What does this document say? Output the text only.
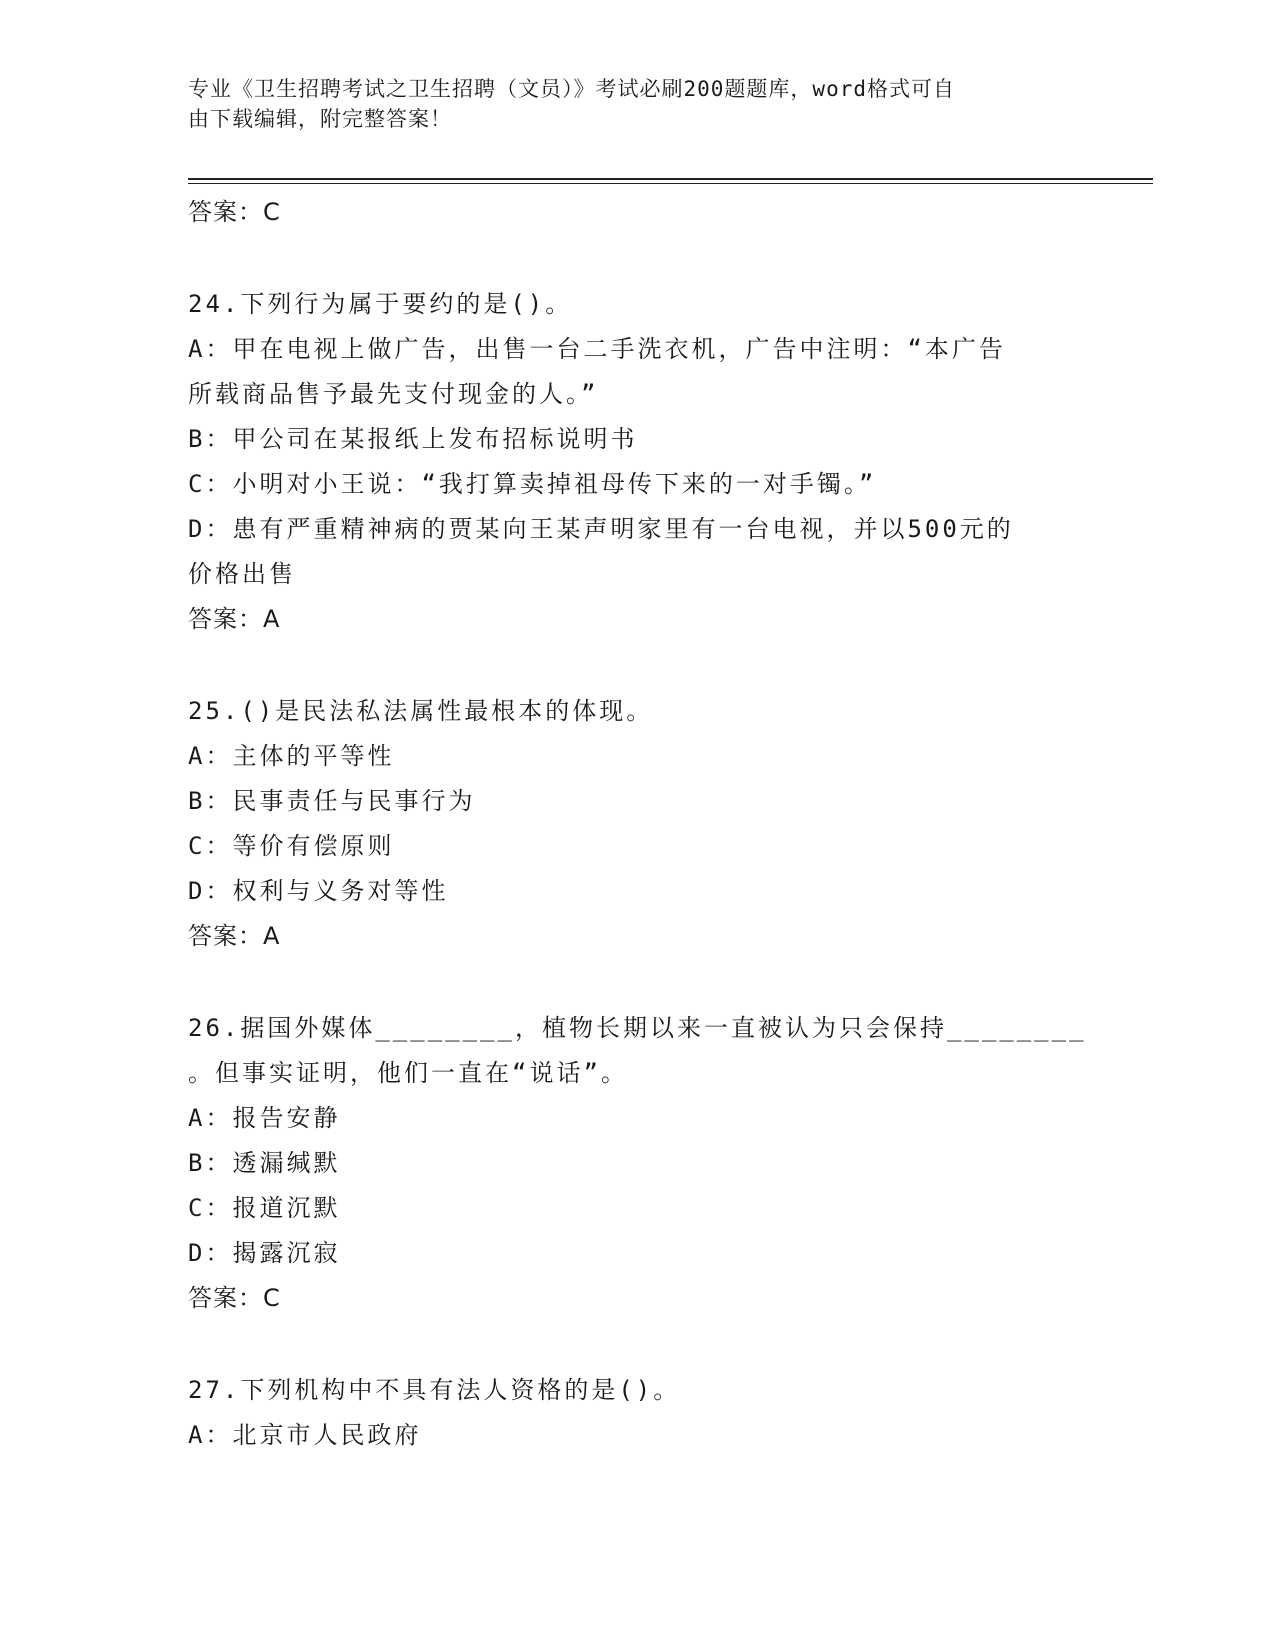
专业《卫生招聘考试之卫生招聘（文员）》考试必刷200题题库，word格式可自
由下载编辑，附完整答案！
答案：C
24.下列行为属于要约的是()。
A：甲在电视上做广告，出售一台二手洗衣机，广告中注明：“本广告
所载商品售予最先支付现金的人。”
B：甲公司在某报纸上发布招标说明书
C：小明对小王说：“我打算卖掉祖母传下来的一对手镯。”
D：患有严重精神病的贾某向王某声明家里有一台电视，并以500元的
价格出售
答案：A
25.()是民法私法属性最根本的体现。
A：主体的平等性
B：民事责任与民事行为
C：等价有偿原则
D：权利与义务对等性
答案：A
26.据国外媒体________，植物长期以来一直被认为只会保持________
。但事实证明，他们一直在“说话”。
A：报告安静
B：透漏缄默
C：报道沉默
D：揭露沉寂
答案：C
27.下列机构中不具有法人资格的是()。
A：北京市人民政府
